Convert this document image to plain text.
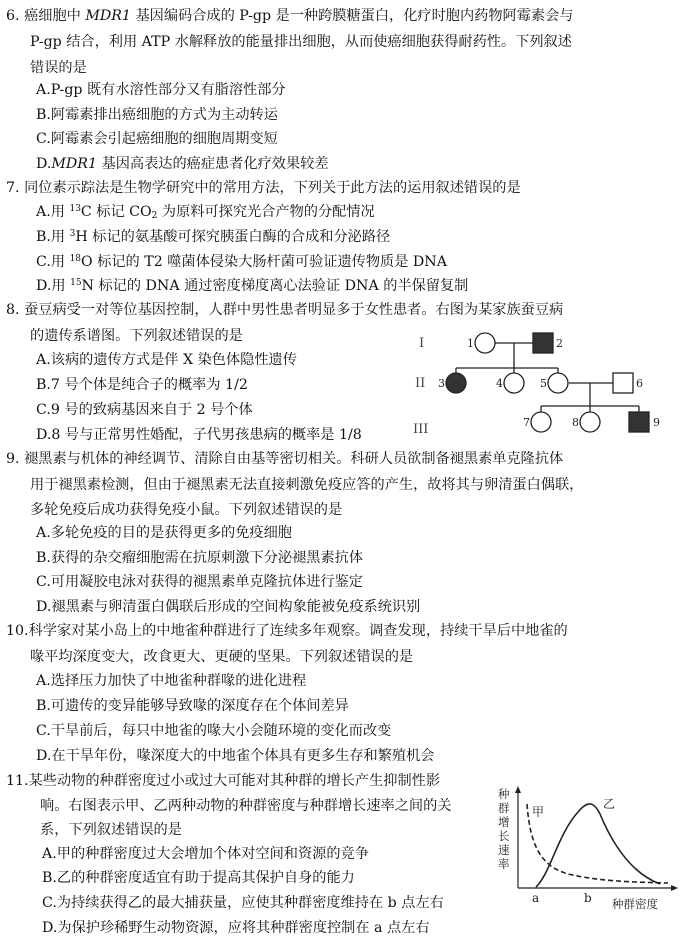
6. 癌细胞中 MDR1 基因编码合成的 P-gp 是一种跨膜糖蛋白，化疗时胞内药物阿霉素会与
P-gp 结合，利用 ATP 水解释放的能量排出细胞，从而使癌细胞获得耐药性。下列叙述
错误的是
A.P-gp 既有水溶性部分又有脂溶性部分
B.阿霉素排出癌细胞的方式为主动转运
C.阿霉素会引起癌细胞的细胞周期变短
D.MDR1 基因高表达的癌症患者化疗效果较差
7. 同位素示踪法是生物学研究中的常用方法，下列关于此方法的运用叙述错误的是
A.用 $^{13}$C 标记 $CO_2$ 为原料可探究光合产物的分配情况
B.用 $^3$H 标记的氨基酸可探究胰蛋白酶的合成和分泌路径
C.用 $^{18}$O 标记的 T2 噬菌体侵染大肠杆菌可验证遗传物质是 DNA
D.用 $^{15}$N 标记的 DNA 通过密度梯度离心法验证 DNA 的半保留复制
8. 蚕豆病受一对等位基因控制，人群中男性患者明显多于女性患者。右图为某家族蚕豆病
的遗传系谱图。下列叙述错误的是
A.该病的遗传方式是伴 X 染色体隐性遗传
B.7 号个体是纯合子的概率为 1/2
C.9 号的致病基因来自于 2 号个体
D.8 号与正常男性婚配，子代男孩患病的概率是 1/8
I
II
III
1	2
3	4	5	6
7	8	9
9. 褪黑素与机体的神经调节、清除自由基等密切相关。科研人员欲制备褪黑素单克隆抗体
用于褪黑素检测，但由于褪黑素无法直接刺激免疫应答的产生，故将其与卵清蛋白偶联，
多轮免疫后成功获得免疫小鼠。下列叙述错误的是
A.多轮免疫的目的是获得更多的免疫细胞
B.获得的杂交瘤细胞需在抗原刺激下分泌褪黑素抗体
C.可用凝胶电泳对获得的褪黑素单克隆抗体进行鉴定
D.褪黑素与卵清蛋白偶联后形成的空间构象能被免疫系统识别
10.科学家对某小岛上的中地雀种群进行了连续多年观察。调查发现，持续干旱后中地雀的
喙平均深度变大，改食更大、更硬的坚果。下列叙述错误的是
A.选择压力加快了中地雀种群喙的进化进程
B.可遗传的变异能够导致喙的深度存在个体间差异
C.干旱前后，每只中地雀的喙大小会随环境的变化而改变
D.在干旱年份，喙深度大的中地雀个体具有更多生存和繁殖机会
11.某些动物的种群密度过小或过大可能对其种群的增长产生抑制性影
响。右图表示甲、乙两种动物的种群密度与种群增长速率之间的关
系，下列叙述错误的是
A.甲的种群密度过大会增加个体对空间和资源的竞争
B.乙的种群密度适宜有助于提高其保护自身的能力
C.为持续获得乙的最大捕获量，应使其种群密度维持在 b 点左右
D.为保护珍稀野生动物资源，应将其种群密度控制在 a 点左右
种
群
增
长
速
率
甲
乙
a	b 种群密度
